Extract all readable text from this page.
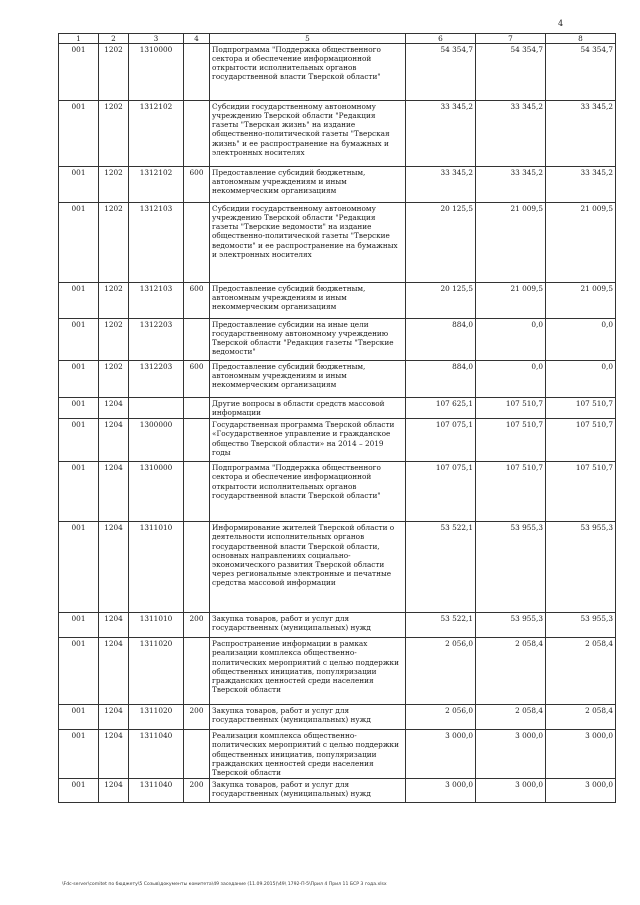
4
1	2	3	4	5	6	7	8
001	1202	1310000		Подпрограмма "Поддержка общественного сектора и обеспечение информационной открытости исполнительных органов государственной власти Тверской области"	54 354,7	54 354,7	54 354,7
001	1202	1312102		Субсидии государственному автономному учреждению Тверской области "Редакция газеты "Тверская жизнь" на издание общественно-политической газеты "Тверская жизнь" и ее распространение на бумажных и электронных носителях	33 345,2	33 345,2	33 345,2
001	1202	1312102	600	Предоставление субсидий бюджетным, автономным учреждениям и иным некоммерческим организациям	33 345,2	33 345,2	33 345,2
001	1202	1312103		Субсидии государственному автономному учреждению Тверской области "Редакция газеты "Тверские ведомости" на издание общественно-политической газеты "Тверские ведомости" и ее распространение на бумажных и электронных носителях	20 125,5	21 009,5	21 009,5
001	1202	1312103	600	Предоставление субсидий бюджетным, автономным учреждениям и иным некоммерческим организациям	20 125,5	21 009,5	21 009,5
001	1202	1312203		Предоставление субсидии на иные цели государственному автономному учреждению Тверской области "Редакция газеты "Тверские ведомости"	884,0	0,0	0,0
001	1202	1312203	600	Предоставление субсидий бюджетным, автономным учреждениям и иным некоммерческим организациям	884,0	0,0	0,0
001	1204			Другие вопросы в области средств массовой информации	107 625,1	107 510,7	107 510,7
001	1204	1300000		Государственная программа Тверской области «Государственное управление и гражданское общество Тверской области» на 2014 – 2019 годы	107 075,1	107 510,7	107 510,7
001	1204	1310000		Подпрограмма "Поддержка общественного сектора и обеспечение информационной открытости исполнительных органов государственной власти Тверской области"	107 075,1	107 510,7	107 510,7
001	1204	1311010		Информирование жителей Тверской области о деятельности исполнительных органов государственной власти Тверской области, основных направлениях социально-экономического развития Тверской области через региональные электронные и печатные средства массовой информации	53 522,1	53 955,3	53 955,3
001	1204	1311010	200	Закупка товаров, работ и услуг для государственных (муниципальных) нужд	53 522,1	53 955,3	53 955,3
001	1204	1311020		Распространение информации в рамках реализации комплекса общественно-политических мероприятий с целью поддержки общественных инициатив, популяризации гражданских ценностей среди населения Тверской области	2 056,0	2 058,4	2 058,4
001	1204	1311020	200	Закупка товаров, работ и услуг для государственных (муниципальных) нужд	2 056,0	2 058,4	2 058,4
001	1204	1311040		Реализация комплекса общественно-политических мероприятий с целью поддержки общественных инициатив, популяризации гражданских ценностей среди населения Тверской области	3 000,0	3 000,0	3 000,0
001	1204	1311040	200	Закупка товаров, работ и услуг для государственных (муниципальных) нужд	3 000,0	3 000,0	3 000,0
\Fdc-server\comitet по бюджету\5 Созыв\документы комитета\49 заседание (11.09.2015)\49\ 1792-П-5\Прил 4 Прил 11 БСР 3 года.xlsx
